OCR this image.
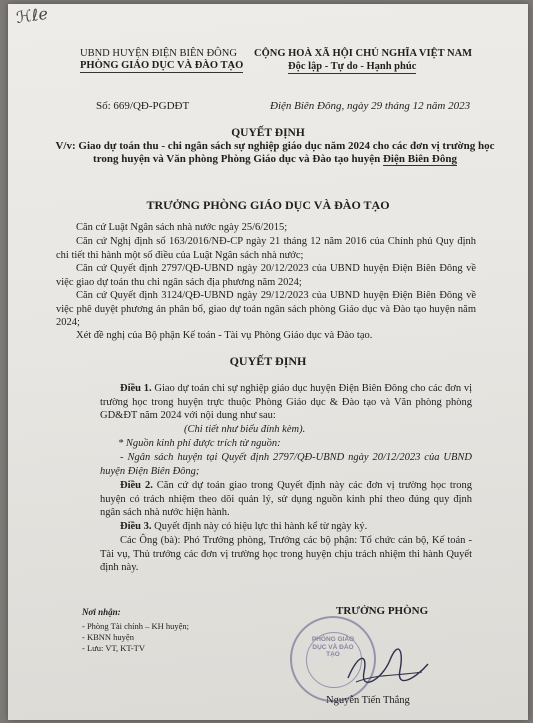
ℋℓℯ
UBND HUYỆN ĐIỆN BIÊN ĐÔNG
PHÒNG GIÁO DỤC VÀ ĐÀO TẠO
CỘNG HOÀ XÃ HỘI CHỦ NGHĨA VIỆT NAM
Độc lập - Tự do - Hạnh phúc
Số: 669/QĐ-PGDĐT	Điện Biên Đông, ngày 29 tháng 12 năm 2023
QUYẾT ĐỊNH
V/v: Giao dự toán thu - chi ngân sách sự nghiệp giáo dục năm 2024 cho các đơn vị trường học trong huyện và Văn phòng Phòng Giáo dục và Đào tạo huyện Điện Biên Đông
TRƯỞNG PHÒNG GIÁO DỤC VÀ ĐÀO TẠO
Căn cứ Luật Ngân sách nhà nước ngày 25/6/2015;
Căn cứ Nghị định số 163/2016/NĐ-CP ngày 21 tháng 12 năm 2016 của Chính phủ Quy định chi tiết thi hành một số điều của Luật Ngân sách nhà nước;
Căn cứ Quyết định 2797/QĐ-UBND ngày 20/12/2023 của UBND huyện Điện Biên Đông về việc giao dự toán thu chi ngân sách địa phương năm 2024;
Căn cứ Quyết định 3124/QĐ-UBND ngày 29/12/2023 của UBND huyện Điện Biên Đông về việc phê duyệt phương án phân bổ, giao dự toán ngân sách phòng Giáo dục và Đào tạo huyện năm 2024;
Xét đề nghị của Bộ phận Kế toán - Tài vụ Phòng Giáo dục và Đào tạo.
QUYẾT ĐỊNH
Điều 1. Giao dự toán chi sự nghiệp giáo dục huyện Điện Biên Đông cho các đơn vị trường học trong huyện trực thuộc Phòng Giáo dục & Đào tạo và Văn phòng phòng GD&ĐT năm 2024 với nội dung như sau:
(Chi tiết như biểu đính kèm).
* Nguồn kinh phí được trích từ nguồn:
- Ngân sách huyện tại Quyết định 2797/QĐ-UBND ngày 20/12/2023 của UBND huyện Điện Biên Đông;
Điều 2. Căn cứ dự toán giao trong Quyết định này các đơn vị trường học trong huyện có trách nhiệm theo dõi quản lý, sử dụng nguồn kinh phí theo đúng quy định ngân sách nhà nước hiện hành.
Điều 3. Quyết định này có hiệu lực thi hành kể từ ngày ký.
Các Ông (bà): Phó Trưởng phòng, Trưởng các bộ phận: Tổ chức cán bộ, Kế toán - Tài vụ, Thủ trưởng các đơn vị trường học trong huyện chịu trách nhiệm thi hành Quyết định này.
Nơi nhận:
- Phòng Tài chính – KH huyện;
- KBNN huyện
- Lưu: VT, KT-TV
PHÒNG GIÁO DỤC VÀ ĐÀO TẠO
TRƯỞNG PHÒNG
Nguyễn Tiến Thắng
